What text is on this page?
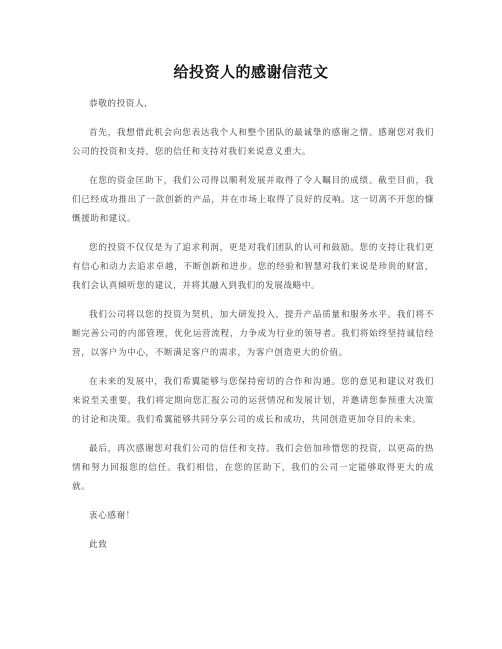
给投资人的感谢信范文

恭敬的投资人，

首先，我想借此机会向您表达我个人和整个团队的最诚挚的感谢之情。感谢您对我们公司的投资和支持，您的信任和支持对我们来说意义重大。

在您的资金匡助下，我们公司得以顺利发展并取得了令人瞩目的成绩。截至目前，我们已经成功推出了一款创新的产品，并在市场上取得了良好的反响。这一切离不开您的慷慨援助和建议。

您的投资不仅仅是为了追求利润，更是对我们团队的认可和鼓励。您的支持让我们更有信心和动力去追求卓越，不断创新和进步。您的经验和智慧对我们来说是珍贵的财富，我们会认真倾听您的建议，并将其融入到我们的发展战略中。

我们公司将以您的投资为契机，加大研发投入，提升产品质量和服务水平。我们将不断完善公司的内部管理，优化运营流程，力争成为行业的领导者。我们将始终坚持诚信经营，以客户为中心，不断满足客户的需求，为客户创造更大的价值。

在未来的发展中，我们希翼能够与您保持密切的合作和沟通。您的意见和建议对我们来说至关重要，我们将定期向您汇报公司的运营情况和发展计划，并邀请您参预重大决策的讨论和决策。我们希翼能够共同分享公司的成长和成功，共同创造更加夺目的未来。

最后，再次感谢您对我们公司的信任和支持。我们会倍加珍惜您的投资，以更高的热情和努力回报您的信任。我们相信，在您的匡助下，我们的公司一定能够取得更大的成就。

衷心感谢！

此致
